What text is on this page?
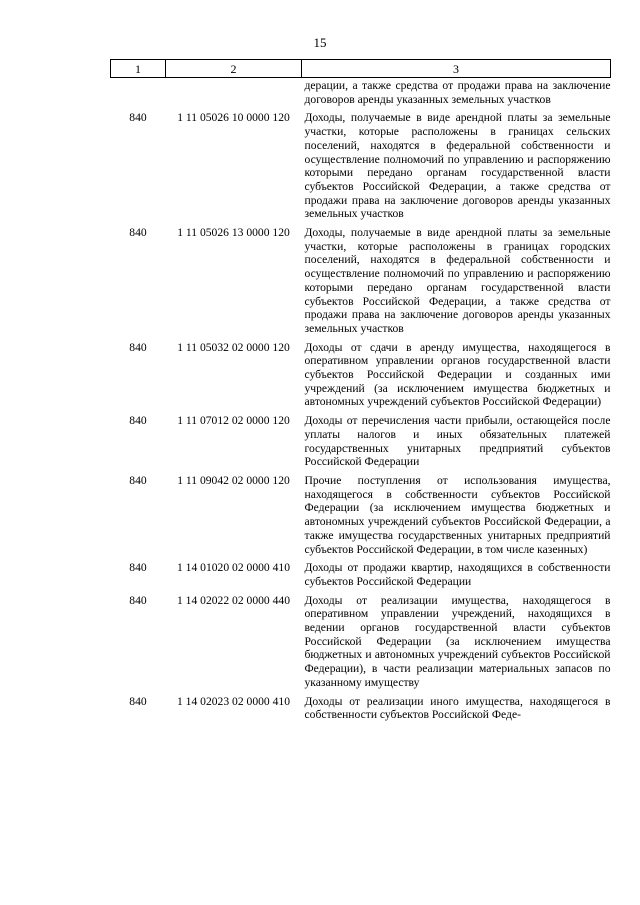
15
1	2	3
		дерации, а также средства от продажи права на заключение договоров аренды указанных земельных участков

840	1 11 05026 10 0000 120	Доходы, получаемые в виде арендной платы за земельные участки, которые расположены в границах сельских поселений, находятся в федеральной собственности и осуществление полномочий по управлению и распоряжению которыми передано органам государственной власти субъектов Российской Федерации, а также средства от продажи права на заключение договоров аренды указанных земельных участков

840	1 11 05026 13 0000 120	Доходы, получаемые в виде арендной платы за земельные участки, которые расположены в границах городских поселений, находятся в федеральной собственности и осуществление полномочий по управлению и распоряжению которыми передано органам государственной власти субъектов Российской Федерации, а также средства от продажи права на заключение договоров аренды указанных земельных участков

840	1 11 05032 02 0000 120	Доходы от сдачи в аренду имущества, находящегося в оперативном управлении органов государственной власти субъектов Российской Федерации и созданных ими учреждений (за исключением имущества бюджетных и автономных учреждений субъектов Российской Федерации)

840	1 11 07012 02 0000 120	Доходы от перечисления части прибыли, остающейся после уплаты налогов и иных обязательных платежей государственных унитарных предприятий субъектов Российской Федерации

840	1 11 09042 02 0000 120	Прочие поступления от использования имущества, находящегося в собственности субъектов Российской Федерации (за исключением имущества бюджетных и автономных учреждений субъектов Российской Федерации, а также имущества государственных унитарных предприятий субъектов Российской Федерации, в том числе казенных)

840	1 14 01020 02 0000 410	Доходы от продажи квартир, находящихся в собственности субъектов Российской Федерации

840	1 14 02022 02 0000 440	Доходы от реализации имущества, находящегося в оперативном управлении учреждений, находящихся в ведении органов государственной власти субъектов Российской Федерации (за исключением имущества бюджетных и автономных учреждений субъектов Российской Федерации), в части реализации материальных запасов по указанному имуществу

840	1 14 02023 02 0000 410	Доходы от реализации иного имущества, находящегося в собственности субъектов Российской Феде-
